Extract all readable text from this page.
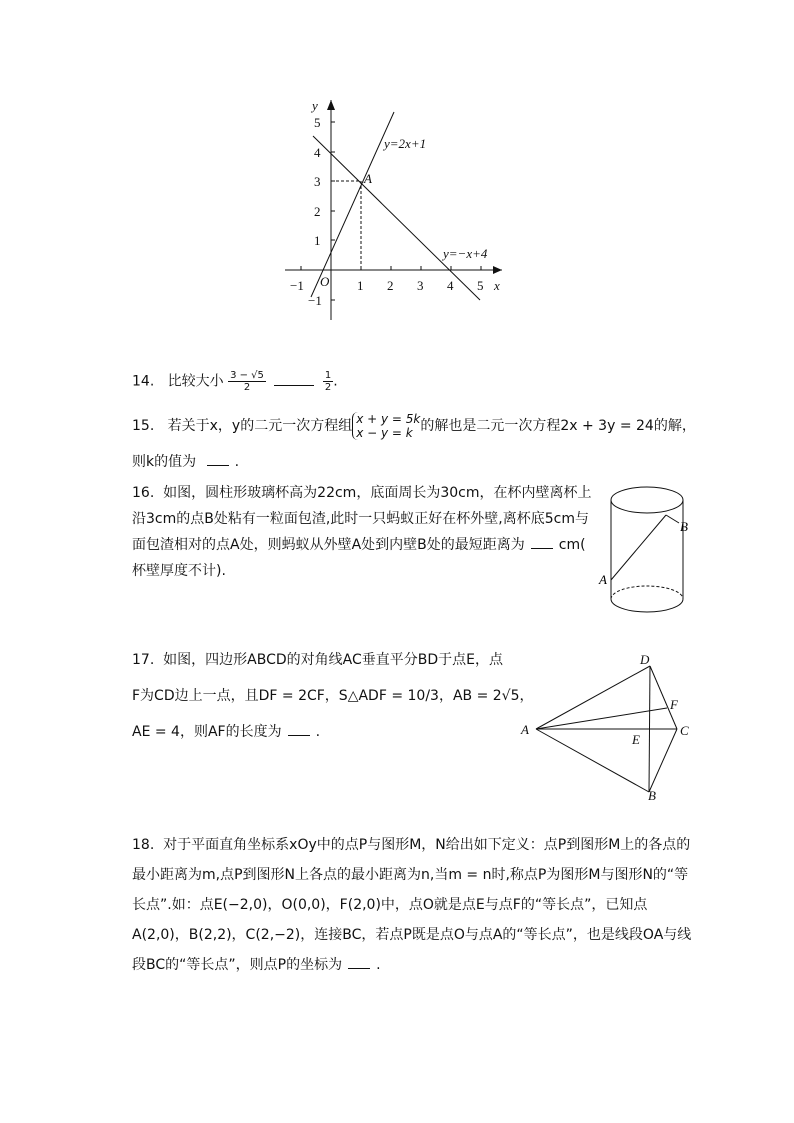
x
y
O
−1	1 2 3 4 5
5
4
3
2
1
−1
y=2x+1
y=−x+4
A
14. 比较大小 $\frac{3 - √5}{2}$
	$\frac{1}{2}$ .
15. 若关于x，y的二元一次方程组 x + y = 5k
x − y = k 的解也是二元一次方程2x + 3y = 24的解，
则k的值为	.
16. 如图，圆柱形玻璃杯高为22cm，底面周长为30cm，在杯内壁离杯上
沿3cm的点B处粘有一粒面包渣,此时一只蚂蚁正好在杯外壁,离杯底5cm与
面包渣相对的点A处，则蚂蚁从外壁A处到内壁B处的最短距离为 cm(
杯壁厚度不计).
A
B
17. 如图，四边形ABCD的对角线AC垂直平分BD于点E，点
F为CD边上一点，且DF = 2CF，S△ADF = 10/3，AB = 2√5，
AE = 4，则AF的长度为 .	A
D
F
E
C
B
18. 对于平面直角坐标系xOy中的点P与图形M，N给出如下定义：点P到图形M上的各点的
最小距离为m,点P到图形N上各点的最小距离为n,当m = n时,称点P为图形M与图形N的“等
长点”.如：点E(−2,0)，O(0,0)，F(2,0)中，点O就是点E与点F的“等长点”，已知点
A(2,0)，B(2,2)，C(2,−2)，连接BC，若点P既是点O与点A的“等长点”，也是线段OA与线
段BC的“等长点”，则点P的坐标为 .
